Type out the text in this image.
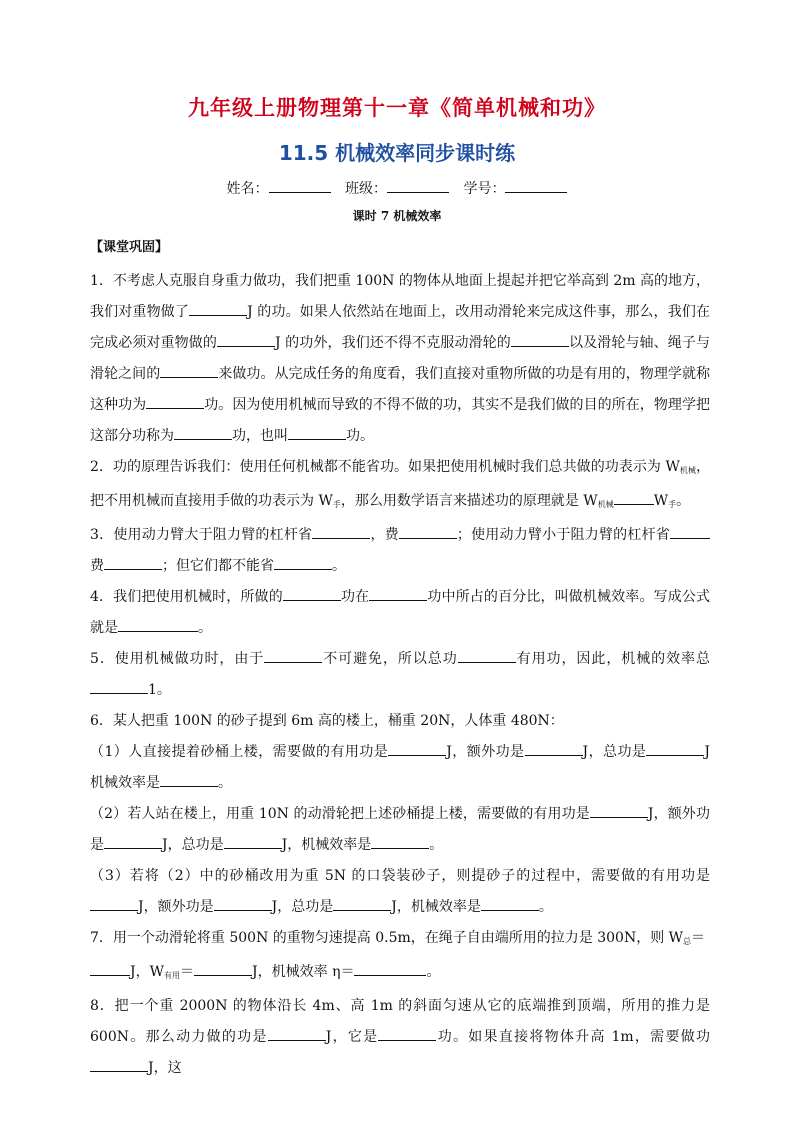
九年级上册物理第十一章《简单机械和功》
11.5 机械效率同步课时练
姓名：	班级：	学号：
课时 7 机械效率
【课堂巩固】

1．不考虑人克服自身重力做功，我们把重 100N 的物体从地面上提起并把它举高到 2m 高的地方，我们对重物做了	J 的功。如果人依然站在地面上，改用动滑轮来完成这件事，那么，我们在完成必须对重物做的	J 的功外，我们还不得不克服动滑轮的	以及滑轮与轴、绳子与滑轮之间的	来做功。从完成任务的角度看，我们直接对重物所做的功是有用的，物理学就称这种功为	功。因为使用机械而导致的不得不做的功，其实不是我们做的目的所在，物理学把这部分功称为	功，也叫	功。

2．功的原理告诉我们：使用任何机械都不能省功。如果把使用机械时我们总共做的功表示为 $W_{机械}$，把不用机械而直接用手做的功表示为 $W_手$，那么用数学语言来描述功的原理就是 $W_{机械}$	$W_手$。

3．使用动力臂大于阻力臂的杠杆省	，费	；使用动力臂小于阻力臂的杠杆省费	；但它们都不能省	。

4．我们把使用机械时，所做的	功在	功中所占的百分比，叫做机械效率。写成公式就是	。

5．使用机械做功时，由于	不可避免，所以总功	有用功，因此，机械的效率总1。

6．某人把重 100N 的砂子提到 6m 高的楼上，桶重 20N，人体重 480N：

（1）人直接提着砂桶上楼，需要做的有用功是	J，额外功是	J，总功是	J 机械效率是	。

（2）若人站在楼上，用重 10N 的动滑轮把上述砂桶提上楼，需要做的有用功是	J，额外功是	J，总功是	J，机械效率是	。

（3）若将（2）中的砂桶改用为重 5N 的口袋装砂子，则提砂子的过程中，需要做的有用功是J，额外功是	J，总功是	J，机械效率是	。

7．用一个动滑轮将重 500N 的重物匀速提高 0.5m，在绳子自由端所用的拉力是 300N，则 $W_总=J$，$W_{有用}=$	J，机械效率 η＝	。

8．把一个重 2000N 的物体沿长 4m、高 1m 的斜面匀速从它的底端推到顶端，所用的推力是 600N。那么动力做的功是	J，它是	功。如果直接将物体升高 1m，需要做功J，这
